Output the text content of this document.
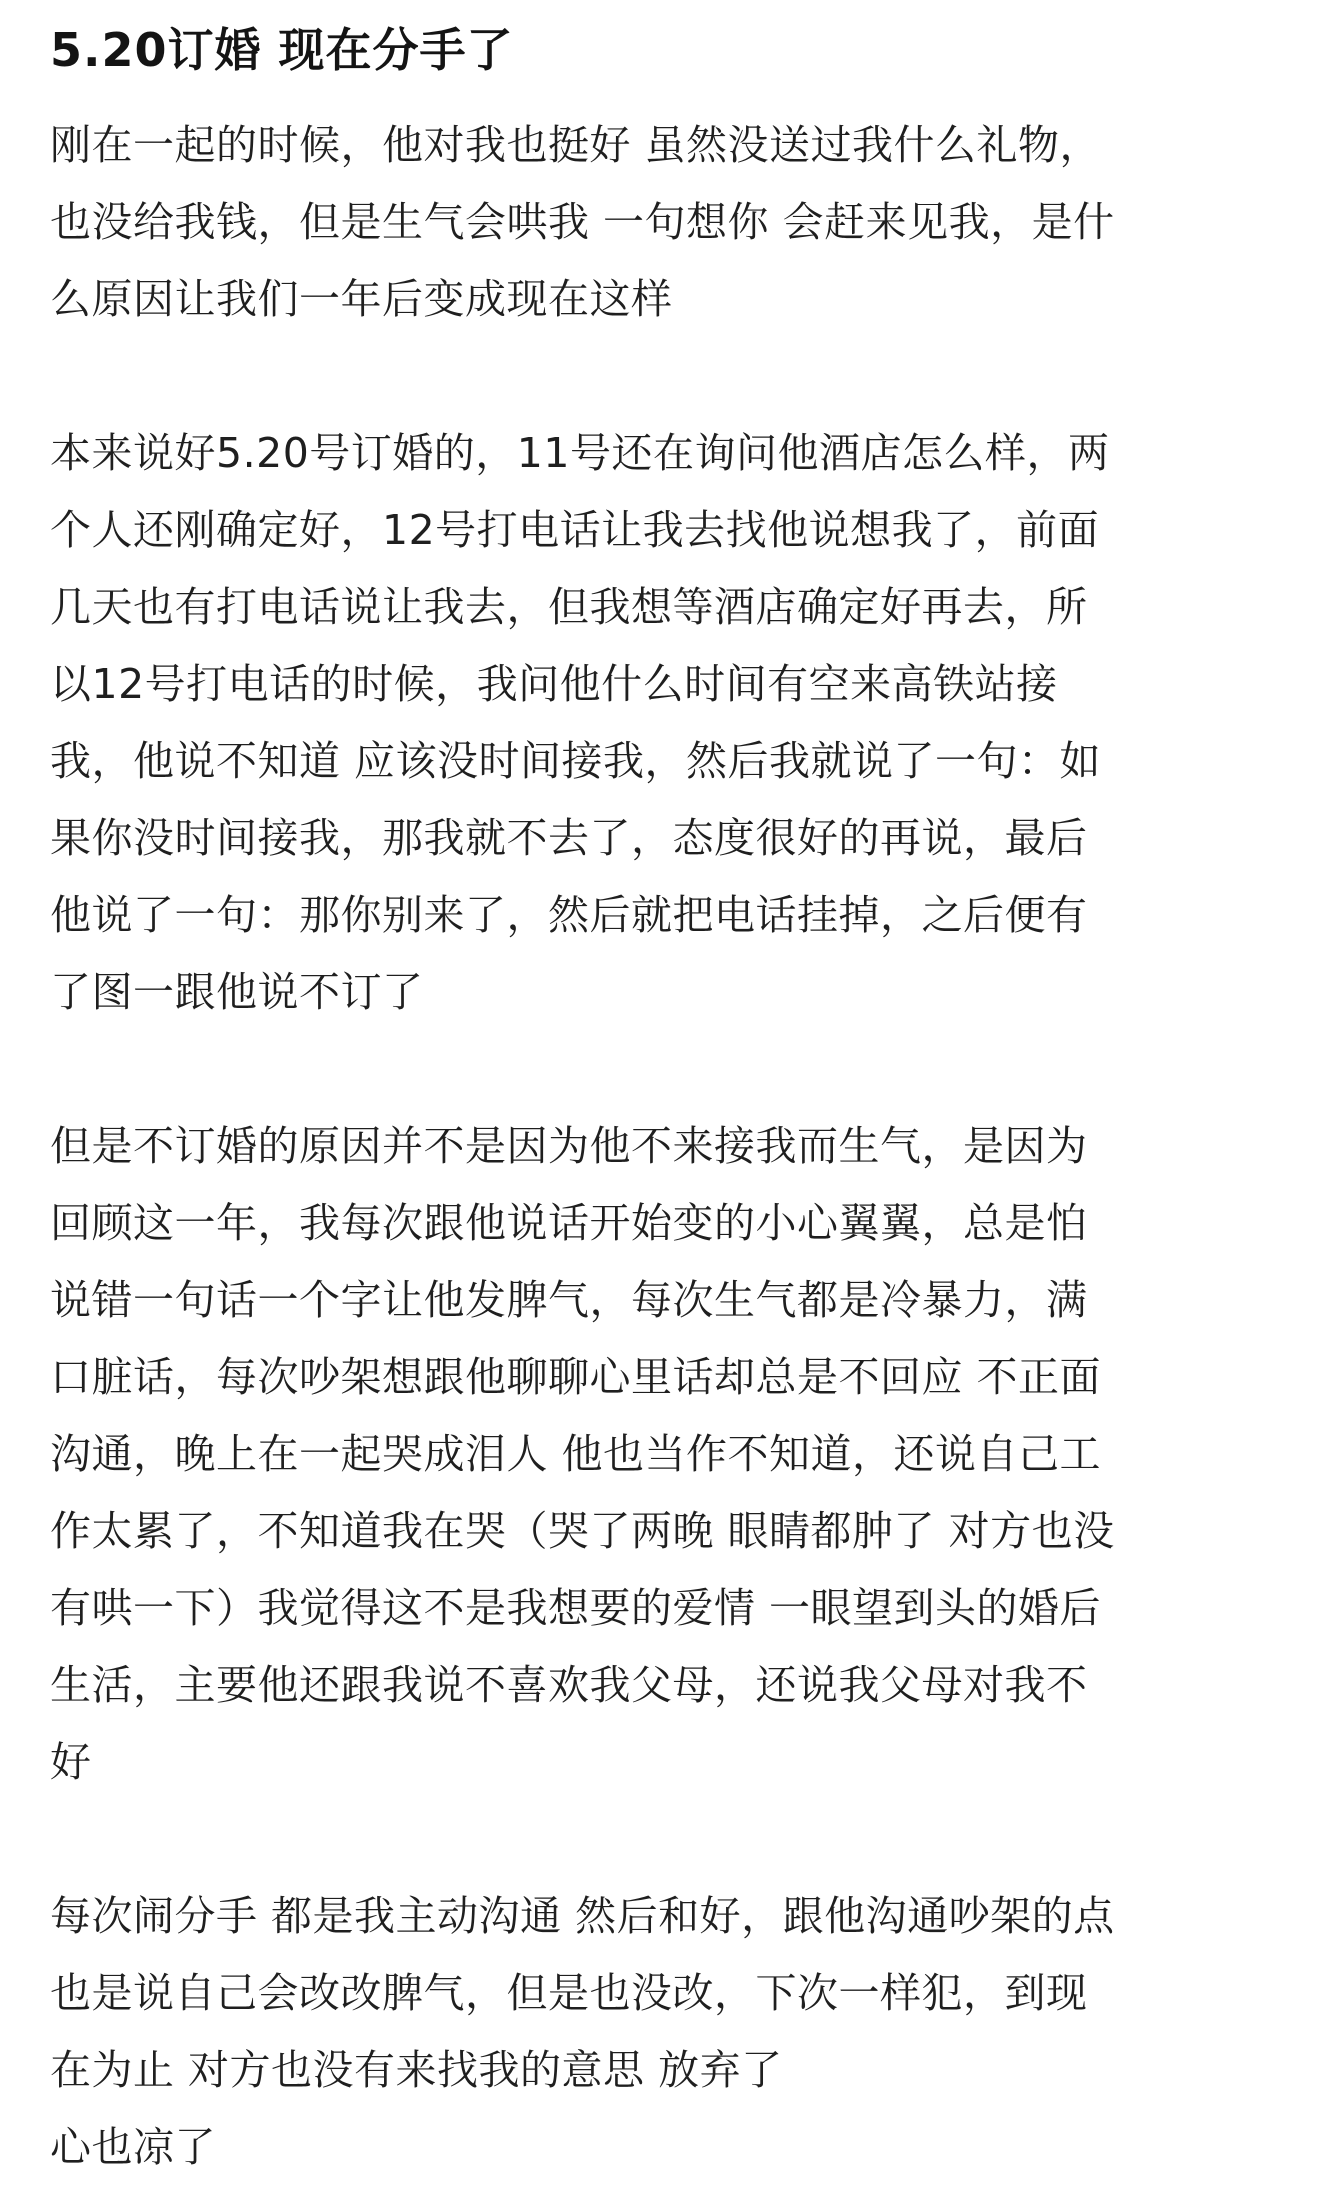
5.20订婚 现在分手了
刚在一起的时候，他对我也挺好 虽然没送过我什么礼物，
也没给我钱，但是生气会哄我 一句想你 会赶来见我，是什
么原因让我们一年后变成现在这样
本来说好5.20号订婚的，11号还在询问他酒店怎么样，两
个人还刚确定好，12号打电话让我去找他说想我了，前面
几天也有打电话说让我去，但我想等酒店确定好再去，所
以12号打电话的时候，我问他什么时间有空来高铁站接
我，他说不知道 应该没时间接我，然后我就说了一句：如
果你没时间接我，那我就不去了，态度很好的再说，最后
他说了一句：那你别来了，然后就把电话挂掉，之后便有
了图一跟他说不订了
但是不订婚的原因并不是因为他不来接我而生气，是因为
回顾这一年，我每次跟他说话开始变的小心翼翼，总是怕
说错一句话一个字让他发脾气，每次生气都是冷暴力，满
口脏话，每次吵架想跟他聊聊心里话却总是不回应 不正面
沟通，晚上在一起哭成泪人 他也当作不知道，还说自己工
作太累了，不知道我在哭（哭了两晚 眼睛都肿了 对方也没
有哄一下）我觉得这不是我想要的爱情 一眼望到头的婚后
生活，主要他还跟我说不喜欢我父母，还说我父母对我不
好
每次闹分手 都是我主动沟通 然后和好，跟他沟通吵架的点
也是说自己会改改脾气，但是也没改，下次一样犯，到现
在为止 对方也没有来找我的意思 放弃了
心也凉了
